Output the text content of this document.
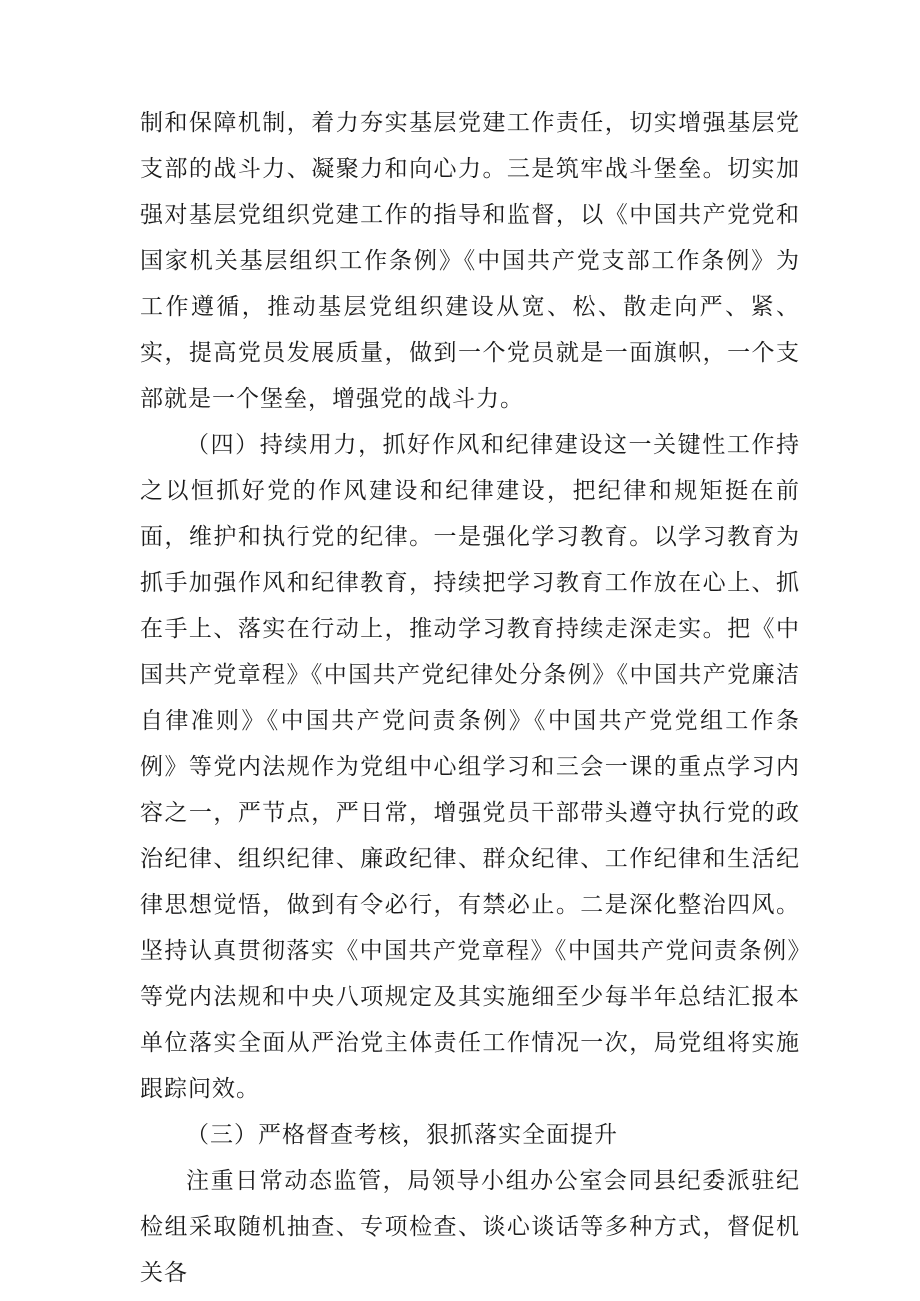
制和保障机制，着力夯实基层党建工作责任，切实增强基层党支部的战斗力、凝聚力和向心力。三是筑牢战斗堡垒。切实加强对基层党组织党建工作的指导和监督，以《中国共产党党和国家机关基层组织工作条例》《中国共产党支部工作条例》为工作遵循，推动基层党组织建设从宽、松、散走向严、紧、实，提高党员发展质量，做到一个党员就是一面旗帜，一个支部就是一个堡垒，增强党的战斗力。

（四）持续用力，抓好作风和纪律建设这一关键性工作持之以恒抓好党的作风建设和纪律建设，把纪律和规矩挺在前面，维护和执行党的纪律。一是强化学习教育。以学习教育为抓手加强作风和纪律教育，持续把学习教育工作放在心上、抓在手上、落实在行动上，推动学习教育持续走深走实。把《中国共产党章程》《中国共产党纪律处分条例》《中国共产党廉洁自律准则》《中国共产党问责条例》《中国共产党党组工作条例》等党内法规作为党组中心组学习和三会一课的重点学习内容之一，严节点，严日常，增强党员干部带头遵守执行党的政治纪律、组织纪律、廉政纪律、群众纪律、工作纪律和生活纪律思想觉悟，做到有令必行，有禁必止。二是深化整治四风。坚持认真贯彻落实《中国共产党章程》《中国共产党问责条例》等党内法规和中央八项规定及其实施细至少每半年总结汇报本单位落实全面从严治党主体责任工作情况一次，局党组将实施跟踪问效。

（三）严格督查考核，狠抓落实全面提升

注重日常动态监管，局领导小组办公室会同县纪委派驻纪检组采取随机抽查、专项检查、谈心谈话等多种方式，督促机关各
